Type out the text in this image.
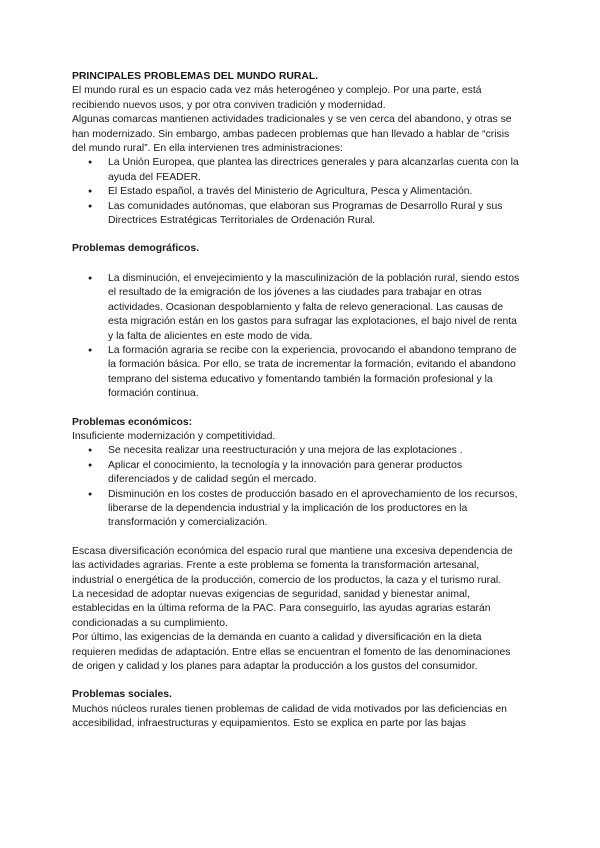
PRINCIPALES PROBLEMAS DEL MUNDO RURAL.

El mundo rural es un espacio cada vez más heterogéneo y complejo. Por una parte, está recibiendo nuevos usos, y por otra conviven tradición y modernidad.

Algunas comarcas mantienen actividades tradicionales y se ven cerca del abandono, y otras se han modernizado. Sin embargo, ambas padecen problemas que han llevado a hablar de “crisis del mundo rural”. En ella intervienen tres administraciones:

● La Unión Europea, que plantea las directrices generales y para alcanzarlas cuenta con la ayuda del FEADER.
● El Estado español, a través del Ministerio de Agricultura, Pesca y Alimentación.
● Las comunidades autónomas, que elaboran sus Programas de Desarrollo Rural y sus Directrices Estratégicas Territoriales de Ordenación Rural.
Problemas demográficos.
● La disminución, el envejecimiento y la masculinización de la población rural, siendo estos el resultado de la emigración de los jóvenes a las ciudades para trabajar en otras actividades. Ocasionan despoblamiento y falta de relevo generacional. Las causas de esta migración están en los gastos para sufragar las explotaciones, el bajo nivel de renta y la falta de alicientes en este modo de vida.
● La formación agraria se recibe con la experiencia, provocando el abandono temprano de la formación básica. Por ello, se trata de incrementar la formación, evitando el abandono temprano del sistema educativo y fomentando también la formación profesional y la formación continua.
Problemas económicos:

Insuficiente modernización y competitividad.

● Se necesita realizar una reestructuración y una mejora de las explotaciones .
● Aplicar el conocimiento, la tecnología y la innovación para generar productos diferenciados y de calidad según el mercado.
● Disminución en los costes de producción basado en el aprovechamiento de los recursos, liberarse de la dependencia industrial y la implicación de los productores en la transformación y comercialización.

Escasa diversificación económica del espacio rural que mantiene una excesiva dependencia de las actividades agrarias. Frente a este problema se fomenta la transformación artesanal, industrial o energética de la producción, comercio de los productos, la caza y el turismo rural.

La necesidad de adoptar nuevas exigencias de seguridad, sanidad y bienestar animal, establecidas en la última reforma de la PAC. Para conseguirlo, las ayudas agrarias estarán condicionadas a su cumplimiento.

Por último, las exigencias de la demanda en cuanto a calidad y diversificación en la dieta requieren medidas de adaptación. Entre ellas se encuentran el fomento de las denominaciones de origen y calidad y los planes para adaptar la producción a los gustos del consumidor.

Problemas sociales.

Muchos núcleos rurales tienen problemas de calidad de vida motivados por las deficiencias en accesibilidad, infraestructuras y equipamientos. Esto se explica en parte por las bajas
